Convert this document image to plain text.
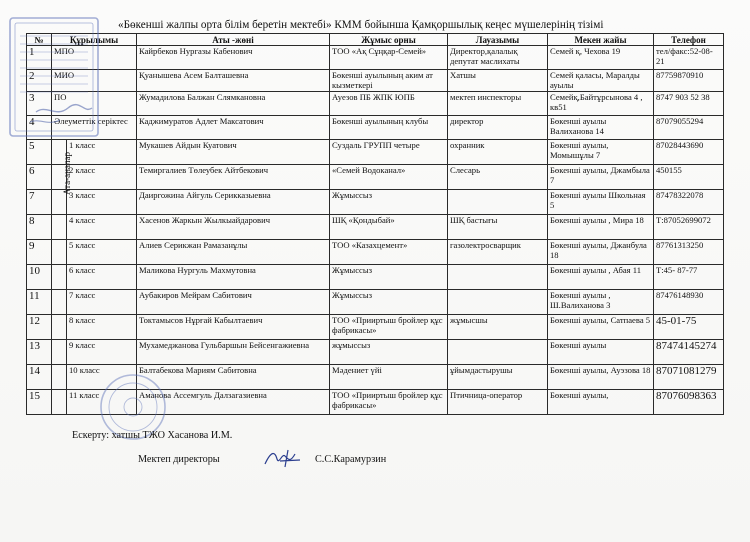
«Бөкенші жалпы орта білім беретін мектебі» КММ бойынша Қамқоршылық кеңес мүшелерінің тізімі
№	Құрылымы	Аты -жөні	Жұмыс орны	Лауазымы	Мекен жайы	Телефон
1	МПО	Кайрбеков Нургазы Кабенович	ТОО «Ақ Сұңқар-Семей»	Директор,қалалық депутат маслихаты	Семей қ, Чехова 19	тел/факс:52-08-21
2	МИО	Қуанышева Асем Балташевна	Бөкенші ауылының аким ат кызметкері	Хатшы	Семей қаласы, Маралды ауылы	87759870910
3	ПО	Жумадилова Балжан Слямкановна	Ауезов ПБ ЖПК ЮПБ	мектеп инспекторы	Семейқ,Байтұрсынова 4 , кв51	8747 903 52 38
4	Әлеуметтік серіктес	Каджимуратов Адлет Максатович	Бөкенші ауылының клубы	директор	Бөкенші ауылы Валиханова 14	87079055294
5	1 класс	Мукашев Айдын Куатович	Суздаль ГРУПП четыре	охранник	Бөкенші ауылы, Момышұлы 7	87028443690
6	2 класс	Темиргалиев Төлеубек Айтбекович	«Семей Водоканал»	Слесарь	Бөкенші ауылы, Джамбыла 7	450155
7	3 класс	Даиргожина Айгуль Серикказыевна	Жұмыссыз		Бөкенші ауылы Школьная 5	87478322078
8	4 класс	Хасенов Жаркын Жылкыайдарович	ШҚ «Қондыбай»	ШҚ бастығы	Бөкенші ауылы , Мира 18	Т:87052699072
9	5 класс	Алиев Серикжан Рамазанұлы	ТОО «Казахцемент»	газолектросварщик	Бөкенші ауылы, Джанбула 18	87761313250
10	6 класс	Маликова Нургуль Махмутовна	Жұмыссыз		Бөкенші ауылы , Абая 11	Т:45- 87-77
11	7 класс	Аубакиров Мейрам Сабитович	Жұмыссыз		Бөкенші ауылы , Ш.Валиханова 3	87476148930
12	8 класс	Токтамысов Нұрғай Кабылтаевич	ТОО «Прииртыш бройлер құс фабрикасы»	жұмысшы	Бөкенші ауылы, Сатпаева 5	45-01-75
13	9 класс	Мухамеджанова Гульбаршын Бейсенгажиевна	жұмыссыз		Бөкенші ауылы	87474145274
14	10 класс	Балтабекова Мариям Сабитовна	Мәдениет үйі	ұйымдастырушы	Бөкенші ауылы, Ауэзова 18	87071081279
15	11 класс	Аманова Ассемгуль Далзагазиевна	ТОО «Прииртыш бройлер құс фабрикасы»	Птичница-оператор	Бөкенші ауылы,	87076098363
Ата-аналар
Ескерту: хатшы ТЖО Хасанова И.М.
Мектеп директоры	С.С.Карамурзин
